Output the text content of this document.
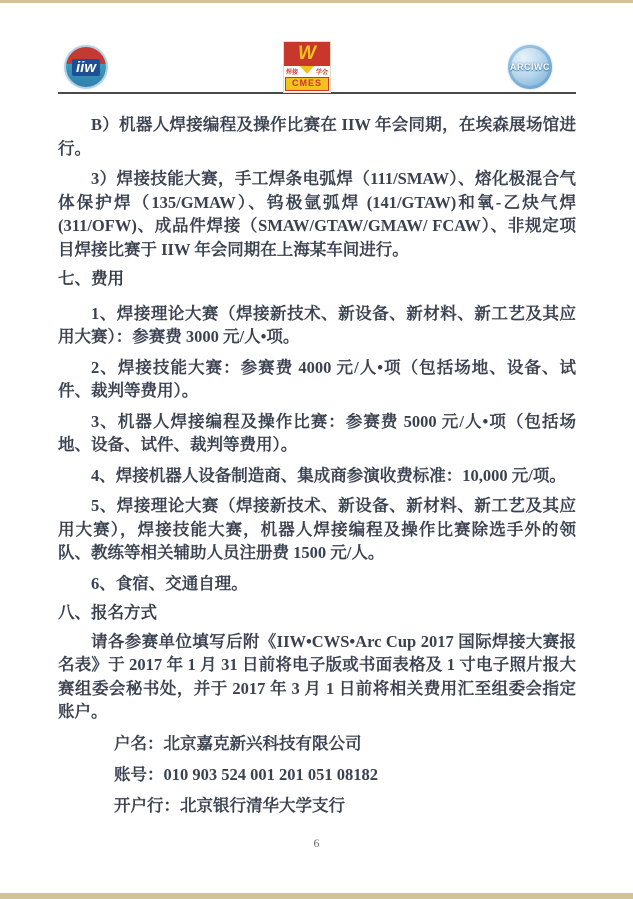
iiw
W
焊接	学会
CMES
ARCIWC

B）机器人焊接编程及操作比赛在 IIW 年会同期，在埃森展场馆进行。

3）焊接技能大赛，手工焊条电弧焊（111/SMAW）、熔化极混合气体保护焊（135/GMAW）、钨极氩弧焊 (141/GTAW)和氧-乙炔气焊(311/OFW)、成品件焊接（SMAW/GTAW/GMAW/ FCAW）、非规定项目焊接比赛于 IIW 年会同期在上海某车间进行。

七、费用

1、焊接理论大赛（焊接新技术、新设备、新材料、新工艺及其应用大赛）：参赛费 3000 元/人•项。

2、焊接技能大赛：参赛费 4000 元/人•项（包括场地、设备、试件、裁判等费用）。

3、机器人焊接编程及操作比赛：参赛费 5000 元/人•项（包括场地、设备、试件、裁判等费用）。

4、焊接机器人设备制造商、集成商参演收费标准：10,000 元/项。

5、焊接理论大赛（焊接新技术、新设备、新材料、新工艺及其应用大赛），焊接技能大赛，机器人焊接编程及操作比赛除选手外的领队、教练等相关辅助人员注册费 1500 元/人。

6、食宿、交通自理。

八、报名方式

请各参赛单位填写后附《IIW•CWS•Arc Cup 2017 国际焊接大赛报名表》于 2017 年 1 月 31 日前将电子版或书面表格及 1 寸电子照片报大赛组委会秘书处，并于 2017 年 3 月 1 日前将相关费用汇至组委会指定账户。

户名：北京嘉克新兴科技有限公司

账号：010 903 524 001 201 051 08182

开户行：北京银行清华大学支行

6
